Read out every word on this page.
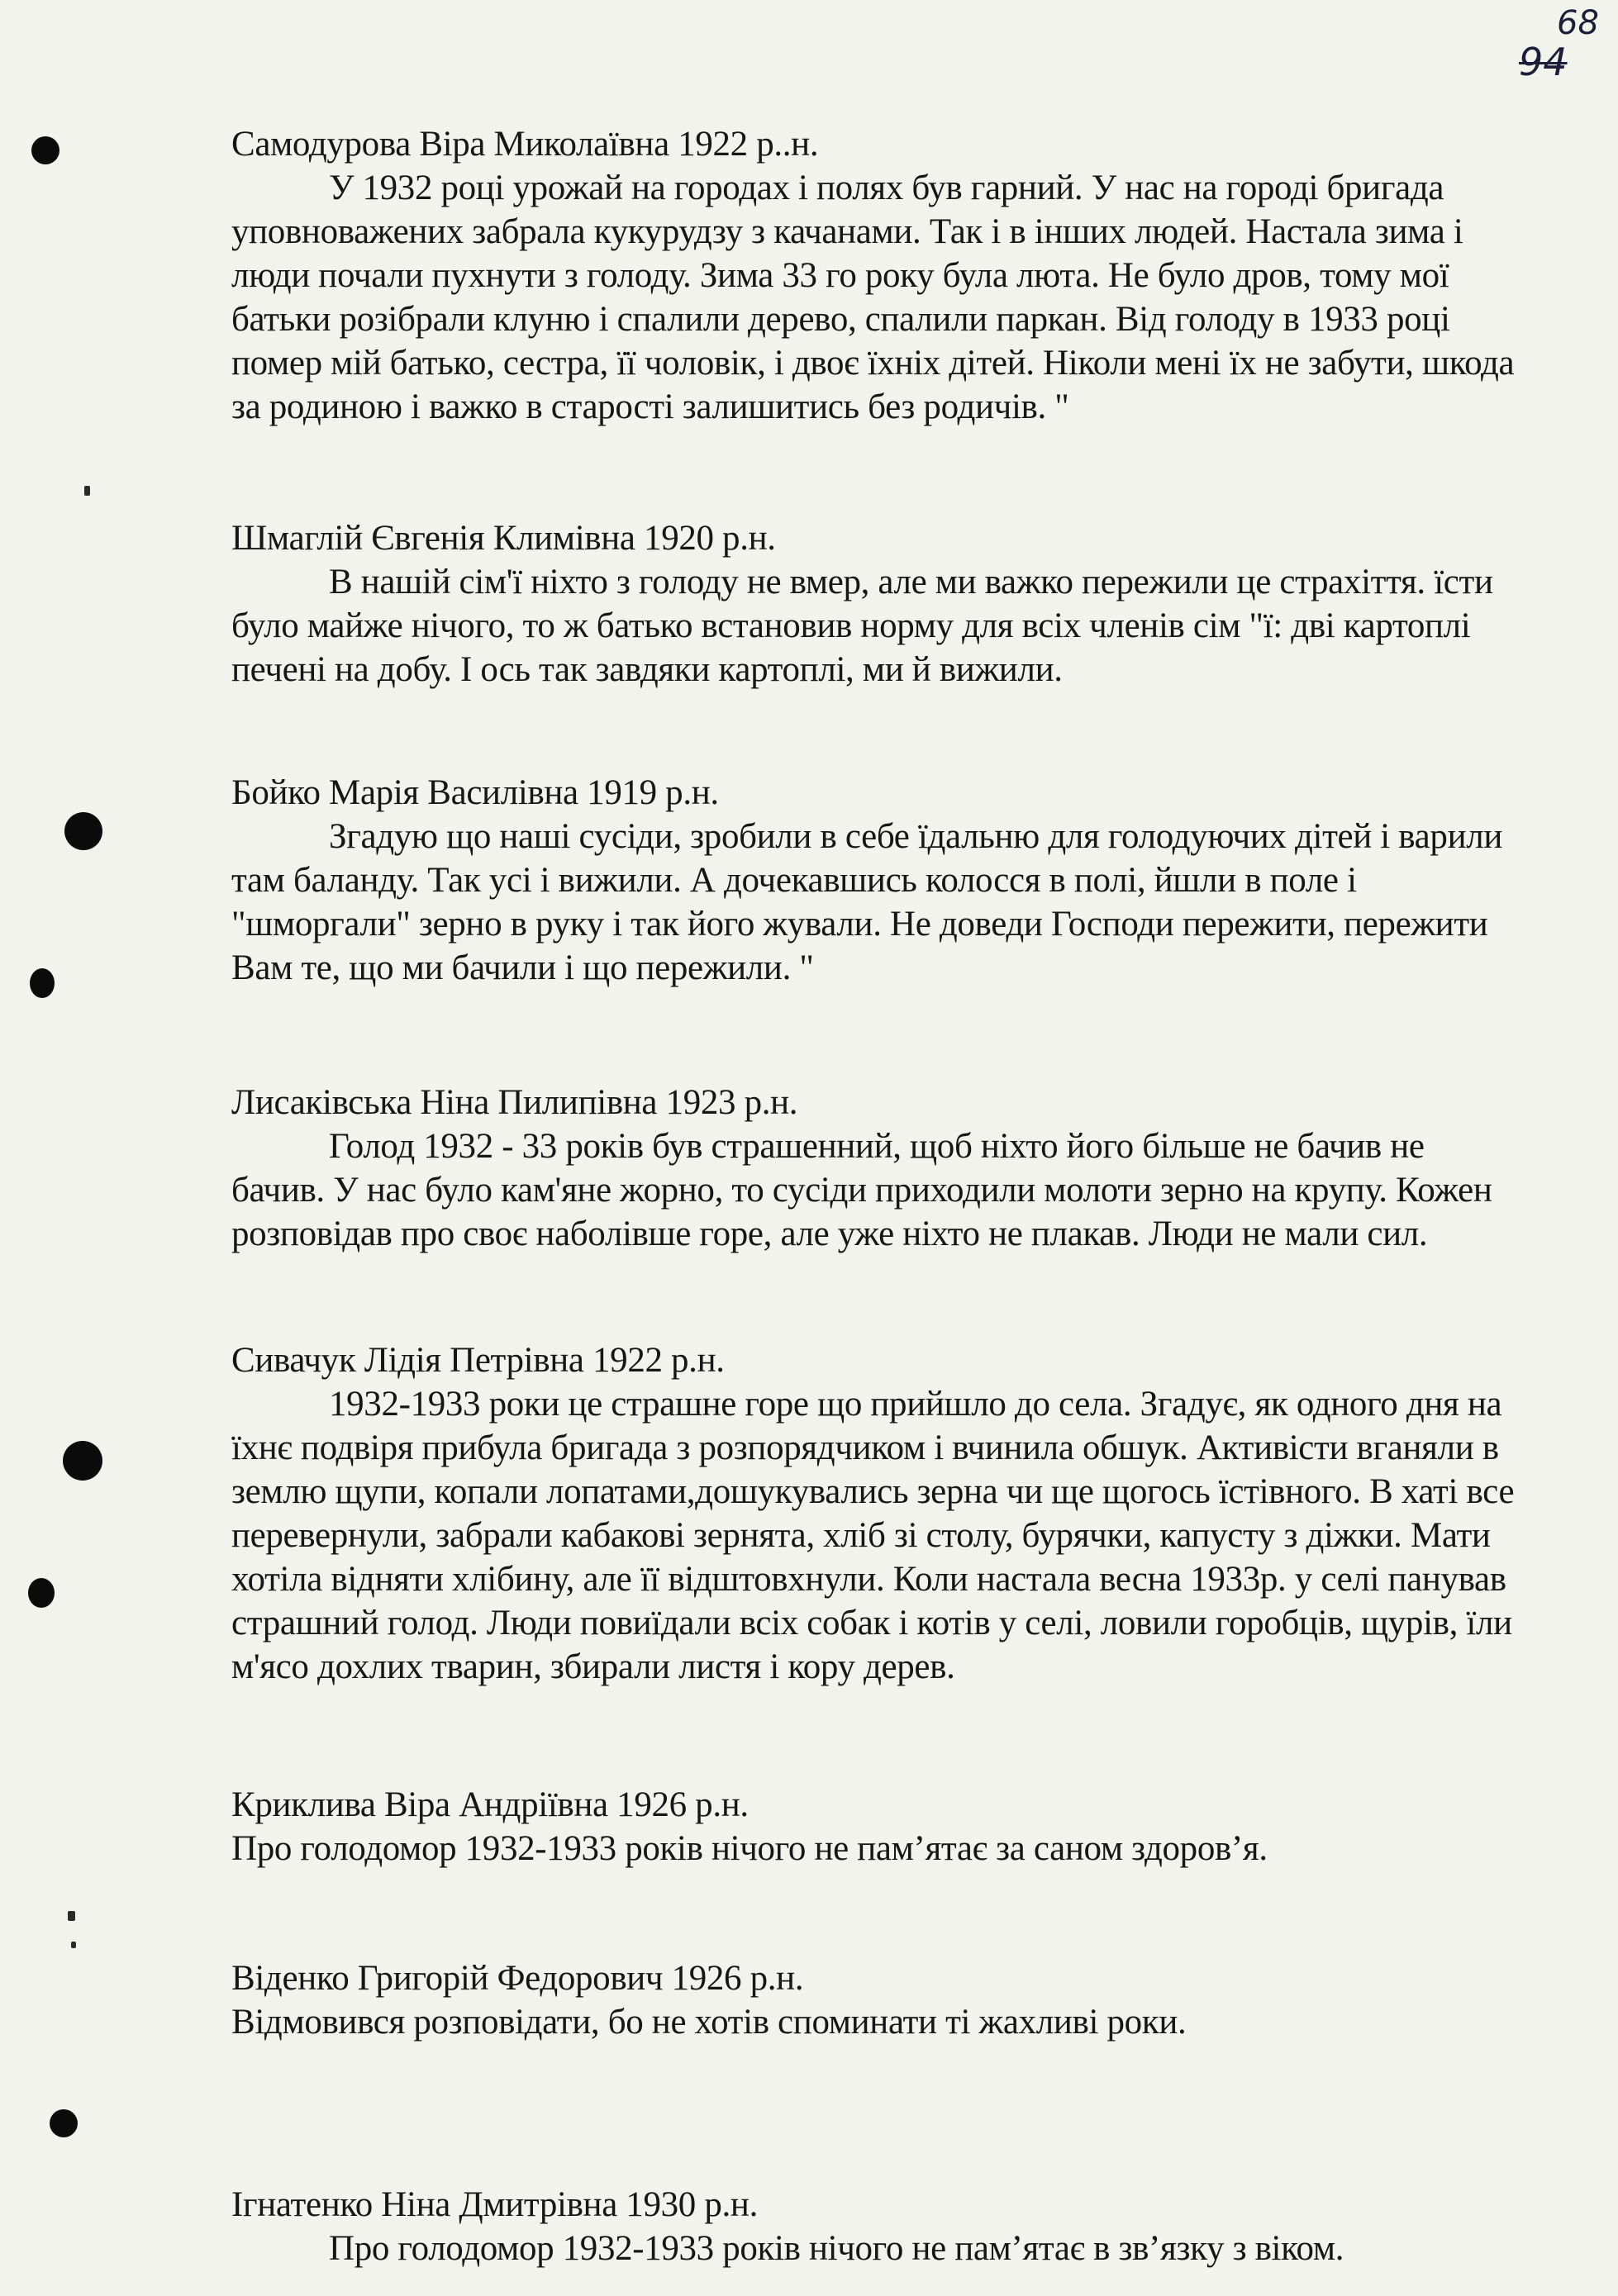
94
68

Самодурова Віра Миколаївна 1922 р..н.

У 1932 році урожай на городах і полях був гарний. У нас на городі бригада уповноважених забрала кукурудзу з качанами. Так і в інших людей. Настала зима і люди почали пухнути з голоду. Зима 33 го року була люта. Не було дров, тому мої батьки розібрали клуню і спалили дерево, спалили паркан. Від голоду в 1933 році помер мій батько, сестра, її чоловік, і двоє їхніх дітей. Ніколи мені їх не забути, шкода за родиною і важко в старості залишитись без родичів. "

Шмаглій Євгенія Климівна 1920 р.н.

В нашій сім'ї ніхто з голоду не вмер, але ми важко пережили це страхіття. їсти було майже нічого, то ж батько встановив норму для всіх членів сім "ї: дві картоплі печені на добу. І ось так завдяки картоплі, ми й вижили.

Бойко Марія Василівна 1919 р.н.

Згадую що наші сусіди, зробили в себе їдальню для голодуючих дітей і варили там баланду. Так усі і вижили. А дочекавшись колосся в полі, йшли в поле і "шморгали" зерно в руку і так його жували. Не доведи Господи пережити, пережити Вам те, що ми бачили і що пережили. "

Лисаківська Ніна Пилипівна 1923 р.н.

Голод 1932 - 33 років був страшенний, щоб ніхто його більше не бачив не бачив. У нас було кам'яне жорно, то сусіди приходили молоти зерно на крупу. Кожен розповідав про своє наболівше горе, але уже ніхто не плакав. Люди не мали сил.

Сивачук Лідія Петрівна 1922 р.н.

1932-1933 роки це страшне горе що прийшло до села. Згадує, як одного дня на їхнє подвіря прибула бригада з розпорядчиком і вчинила обшук. Активісти вганяли в землю щупи, копали лопатами,дошукувались зерна чи ще щогось їстівного. В хаті все перевернули, забрали кабакові зернята, хліб зі столу, бурячки, капусту з діжки. Мати хотіла відняти хлібину, але її відштовхнули. Коли настала весна 1933р. у селі панував страшний голод. Люди повиїдали всіх собак і котів у селі, ловили горобців, щурів, їли м'ясо дохлих тварин, збирали листя і кору дерев.

Криклива Віра Андріївна 1926 р.н.

Про голодомор 1932-1933 років нічого не пам’ятає за саном здоров’я.

Віденко Григорій Федорович 1926 р.н.

Відмовився розповідати, бо не хотів споминати ті жахливі роки.

Ігнатенко Ніна Дмитрівна 1930 р.н.

Про голодомор 1932-1933 років нічого не пам’ятає в зв’язку з віком.
